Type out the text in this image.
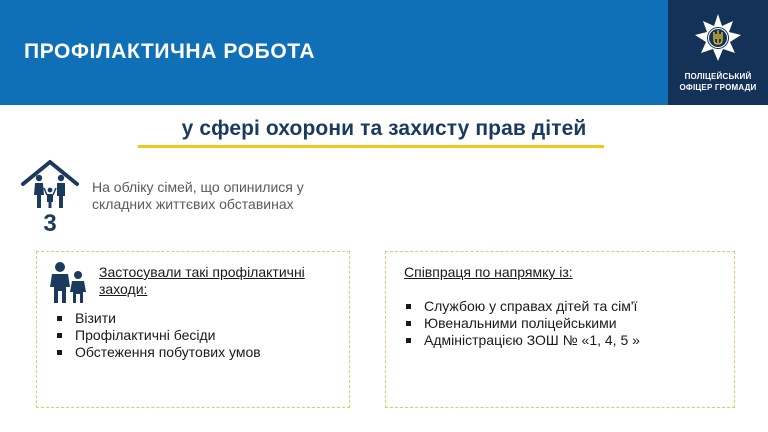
ПРОФІЛАКТИЧНА РОБОТА
ПОЛІЦЕЙСЬКИЙ
ОФІЦЕР ГРОМАДИ
у сфері охорони та захисту прав дітей
3
На обліку сімей, що опинилися у складних життєвих обставинах
Застосували такі профілактичні заходи:
Візити
Профілактичні бесіди
Обстеження побутових умов
Співпраця по напрямку із:
Службою у справах дітей та сім'ї
Ювенальними поліцейськими
Адміністрацією ЗОШ № «1, 4, 5 »
